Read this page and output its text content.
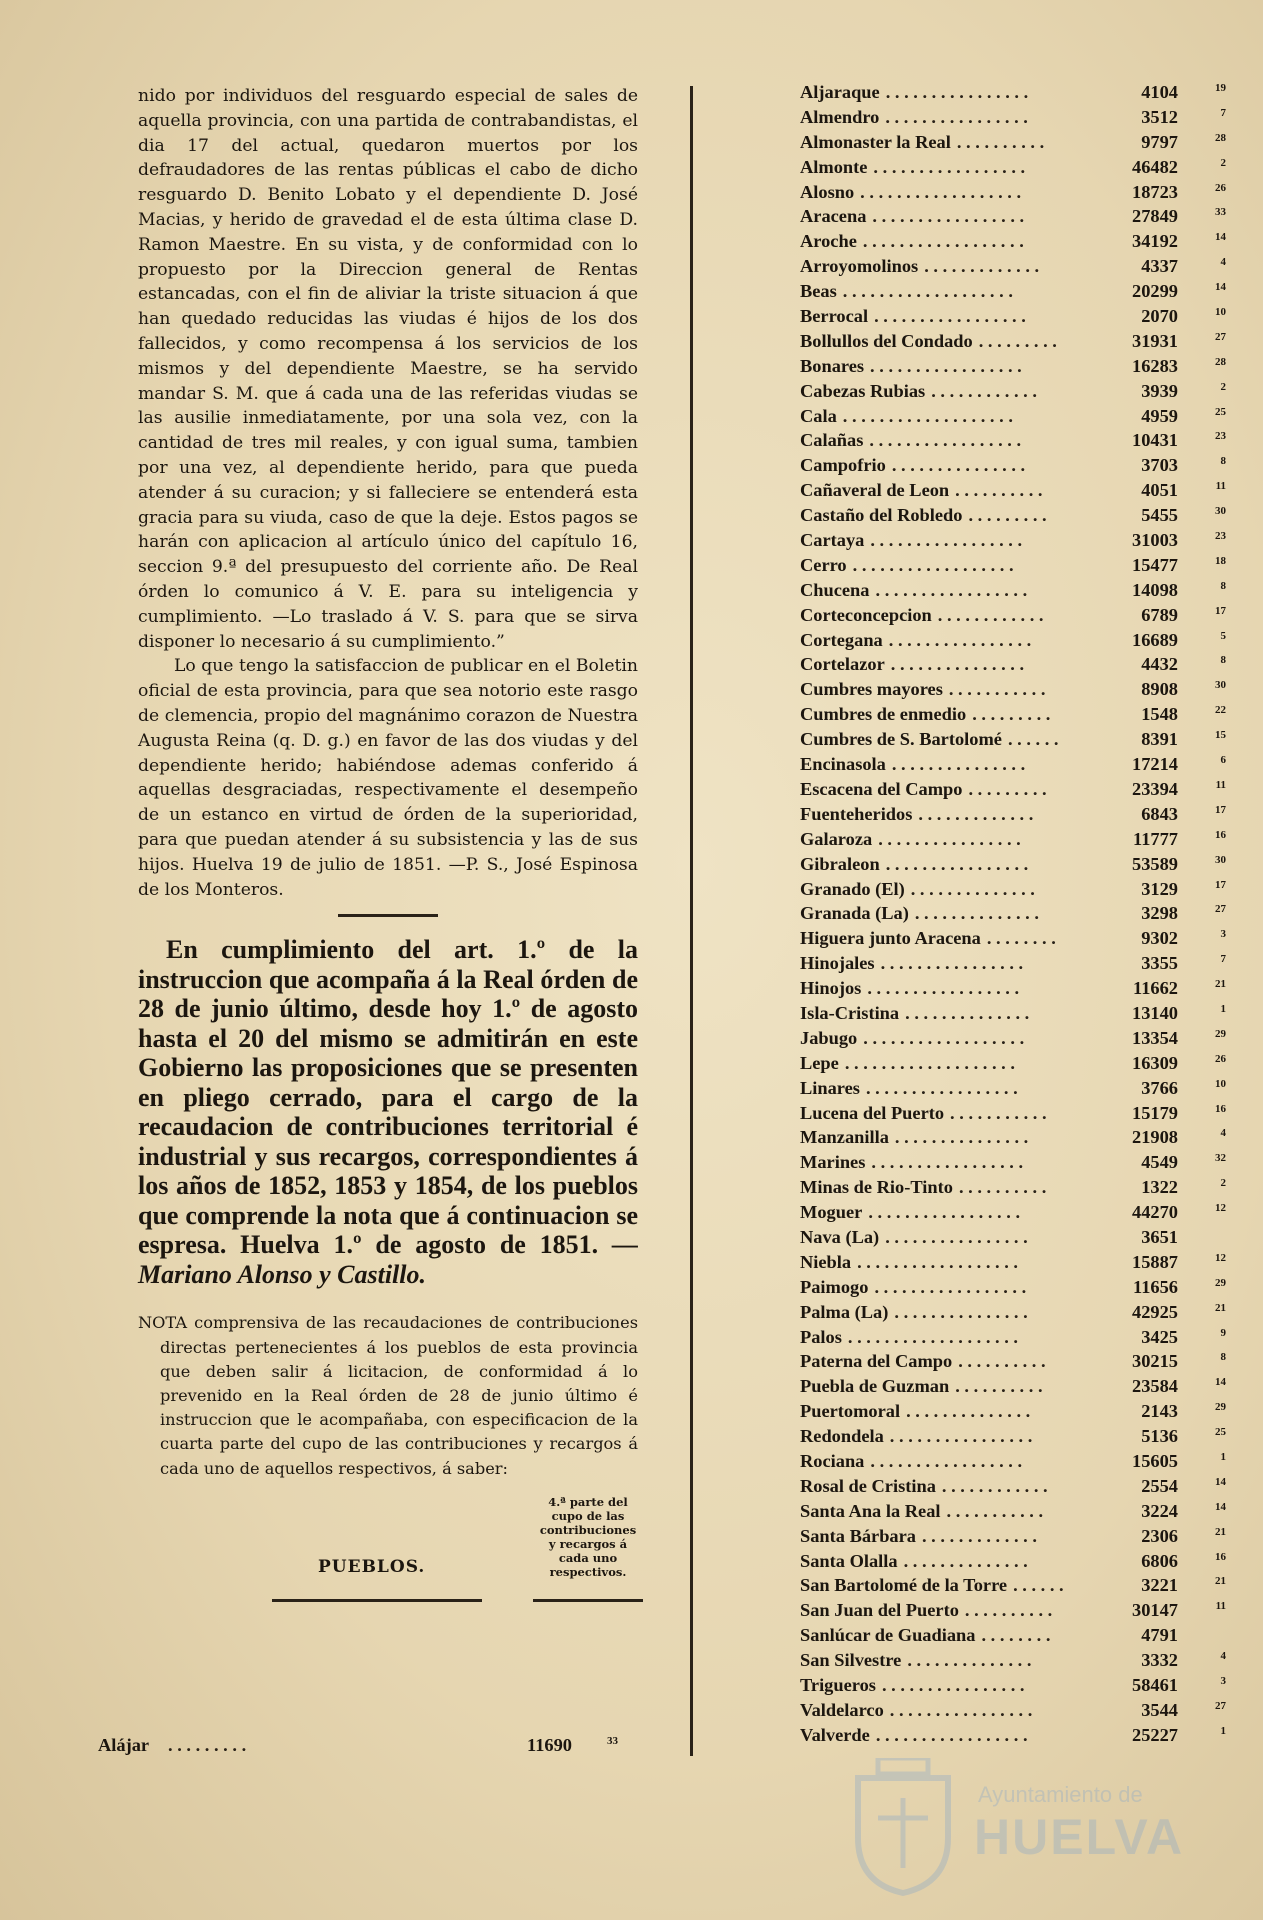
nido por individuos del resguardo especial de sales de aquella provincia, con una partida de contrabandistas, el dia 17 del actual, quedaron muertos por los defraudadores de las rentas públicas el cabo de dicho resguardo D. Benito Lobato y el dependiente D. José Macias, y herido de gravedad el de esta última clase D. Ramon Maestre. En su vista, y de conformidad con lo propuesto por la Direccion general de Rentas estancadas, con el fin de aliviar la triste situacion á que han quedado reducidas las viudas é hijos de los dos fallecidos, y como recompensa á los servicios de los mismos y del dependiente Maestre, se ha servido mandar S. M. que á cada una de las referidas viudas se las ausilie inmediatamente, por una sola vez, con la cantidad de tres mil reales, y con igual suma, tambien por una vez, al dependiente herido, para que pueda atender á su curacion; y si falleciere se entenderá esta gracia para su viuda, caso de que la deje. Estos pagos se harán con aplicacion al artículo único del capítulo 16, seccion 9.ª del presupuesto del corriente año. De Real órden lo comunico á V. E. para su inteligencia y cumplimiento. —Lo traslado á V. S. para que se sirva disponer lo necesario á su cumplimiento.”

Lo que tengo la satisfaccion de publicar en el Boletin oficial de esta provincia, para que sea notorio este rasgo de clemencia, propio del magnánimo corazon de Nuestra Augusta Reina (q. D. g.) en favor de las dos viudas y del dependiente herido; habiéndose ademas conferido á aquellas desgraciadas, respectivamente el desempeño de un estanco en virtud de órden de la superioridad, para que puedan atender á su subsistencia y las de sus hijos. Huelva 19 de julio de 1851. —P. S., José Espinosa de los Monteros.

En cumplimiento del art. 1.º de la instruccion que acompaña á la Real órden de 28 de junio último, desde hoy 1.º de agosto hasta el 20 del mismo se admitirán en este Gobierno las proposiciones que se presenten en pliego cerrado, para el cargo de la recaudacion de contribuciones territorial é industrial y sus recargos, correspondientes á los años de 1852, 1853 y 1854, de los pueblos que comprende la nota que á continuacion se espresa. Huelva 1.º de agosto de 1851. —Mariano Alonso y Castillo.

NOTA comprensiva de las recaudaciones de contribuciones directas pertenecientes á los pueblos de esta provincia que deben salir á licitacion, de conformidad á lo prevenido en la Real órden de 28 de junio último é instruccion que le acompañaba, con especificacion de la cuarta parte del cupo de las contribuciones y recargos á cada uno de aquellos respectivos, á saber:

PUEBLOS.
4.ª parte del cupo de las contribuciones y recargos á cada uno respectivos.
Alájar . . . . . . . . .	11690	33
Aljaraque . . . . . . . . . . . . . . . .	4104	19
Almendro . . . . . . . . . . . . . . . .	3512	7
Almonaster la Real . . . . . . . . . .	9797	28
Almonte . . . . . . . . . . . . . . . . .	46482	2
Alosno . . . . . . . . . . . . . . . . . .	18723	26
Aracena . . . . . . . . . . . . . . . . .	27849	33
Aroche . . . . . . . . . . . . . . . . . .	34192	14
Arroyomolinos . . . . . . . . . . . . .	4337	4
Beas . . . . . . . . . . . . . . . . . . .	20299	14
Berrocal . . . . . . . . . . . . . . . . .	2070	10
Bollullos del Condado . . . . . . . . .	31931	27
Bonares . . . . . . . . . . . . . . . . .	16283	28
Cabezas Rubias . . . . . . . . . . . .	3939	2
Cala . . . . . . . . . . . . . . . . . . .	4959	25
Calañas . . . . . . . . . . . . . . . . .	10431	23
Campofrio . . . . . . . . . . . . . . .	3703	8
Cañaveral de Leon . . . . . . . . . .	4051	11
Castaño del Robledo . . . . . . . . .	5455	30
Cartaya . . . . . . . . . . . . . . . . .	31003	23
Cerro . . . . . . . . . . . . . . . . . .	15477	18
Chucena . . . . . . . . . . . . . . . . .	14098	8
Corteconcepcion . . . . . . . . . . . .	6789	17
Cortegana . . . . . . . . . . . . . . . .	16689	5
Cortelazor . . . . . . . . . . . . . . .	4432	8
Cumbres mayores . . . . . . . . . . .	8908	30
Cumbres de enmedio . . . . . . . . .	1548	22
Cumbres de S. Bartolomé . . . . . .	8391	15
Encinasola . . . . . . . . . . . . . . .	17214	6
Escacena del Campo . . . . . . . . .	23394	11
Fuenteheridos . . . . . . . . . . . . .	6843	17
Galaroza . . . . . . . . . . . . . . . .	11777	16
Gibraleon . . . . . . . . . . . . . . . .	53589	30
Granado (El) . . . . . . . . . . . . . .	3129	17
Granada (La) . . . . . . . . . . . . . .	3298	27
Higuera junto Aracena . . . . . . . .	9302	3
Hinojales . . . . . . . . . . . . . . . .	3355	7
Hinojos . . . . . . . . . . . . . . . . .	11662	21
Isla-Cristina . . . . . . . . . . . . . .	13140	1
Jabugo . . . . . . . . . . . . . . . . . .	13354	29
Lepe . . . . . . . . . . . . . . . . . . .	16309	26
Linares . . . . . . . . . . . . . . . . .	3766	10
Lucena del Puerto . . . . . . . . . . .	15179	16
Manzanilla . . . . . . . . . . . . . . .	21908	4
Marines . . . . . . . . . . . . . . . . .	4549	32
Minas de Rio-Tinto . . . . . . . . . .	1322	2
Moguer . . . . . . . . . . . . . . . . .	44270	12
Nava (La) . . . . . . . . . . . . . . . .	3651
Niebla . . . . . . . . . . . . . . . . . .	15887	12
Paimogo . . . . . . . . . . . . . . . . .	11656	29
Palma (La) . . . . . . . . . . . . . . .	42925	21
Palos . . . . . . . . . . . . . . . . . . .	3425	9
Paterna del Campo . . . . . . . . . .	30215	8
Puebla de Guzman . . . . . . . . . .	23584	14
Puertomoral . . . . . . . . . . . . . .	2143	29
Redondela . . . . . . . . . . . . . . . .	5136	25
Rociana . . . . . . . . . . . . . . . . .	15605	1
Rosal de Cristina . . . . . . . . . . . .	2554	14
Santa Ana la Real . . . . . . . . . . .	3224	14
Santa Bárbara . . . . . . . . . . . . .	2306	21
Santa Olalla . . . . . . . . . . . . . .	6806	16
San Bartolomé de la Torre . . . . . .	3221	21
San Juan del Puerto . . . . . . . . . .	30147	11
Sanlúcar de Guadiana . . . . . . . .	4791
San Silvestre . . . . . . . . . . . . . .	3332	4
Trigueros . . . . . . . . . . . . . . . .	58461	3
Valdelarco . . . . . . . . . . . . . . . .	3544	27
Valverde . . . . . . . . . . . . . . . . .	25227	1
Ayuntamiento de
HUELVA
